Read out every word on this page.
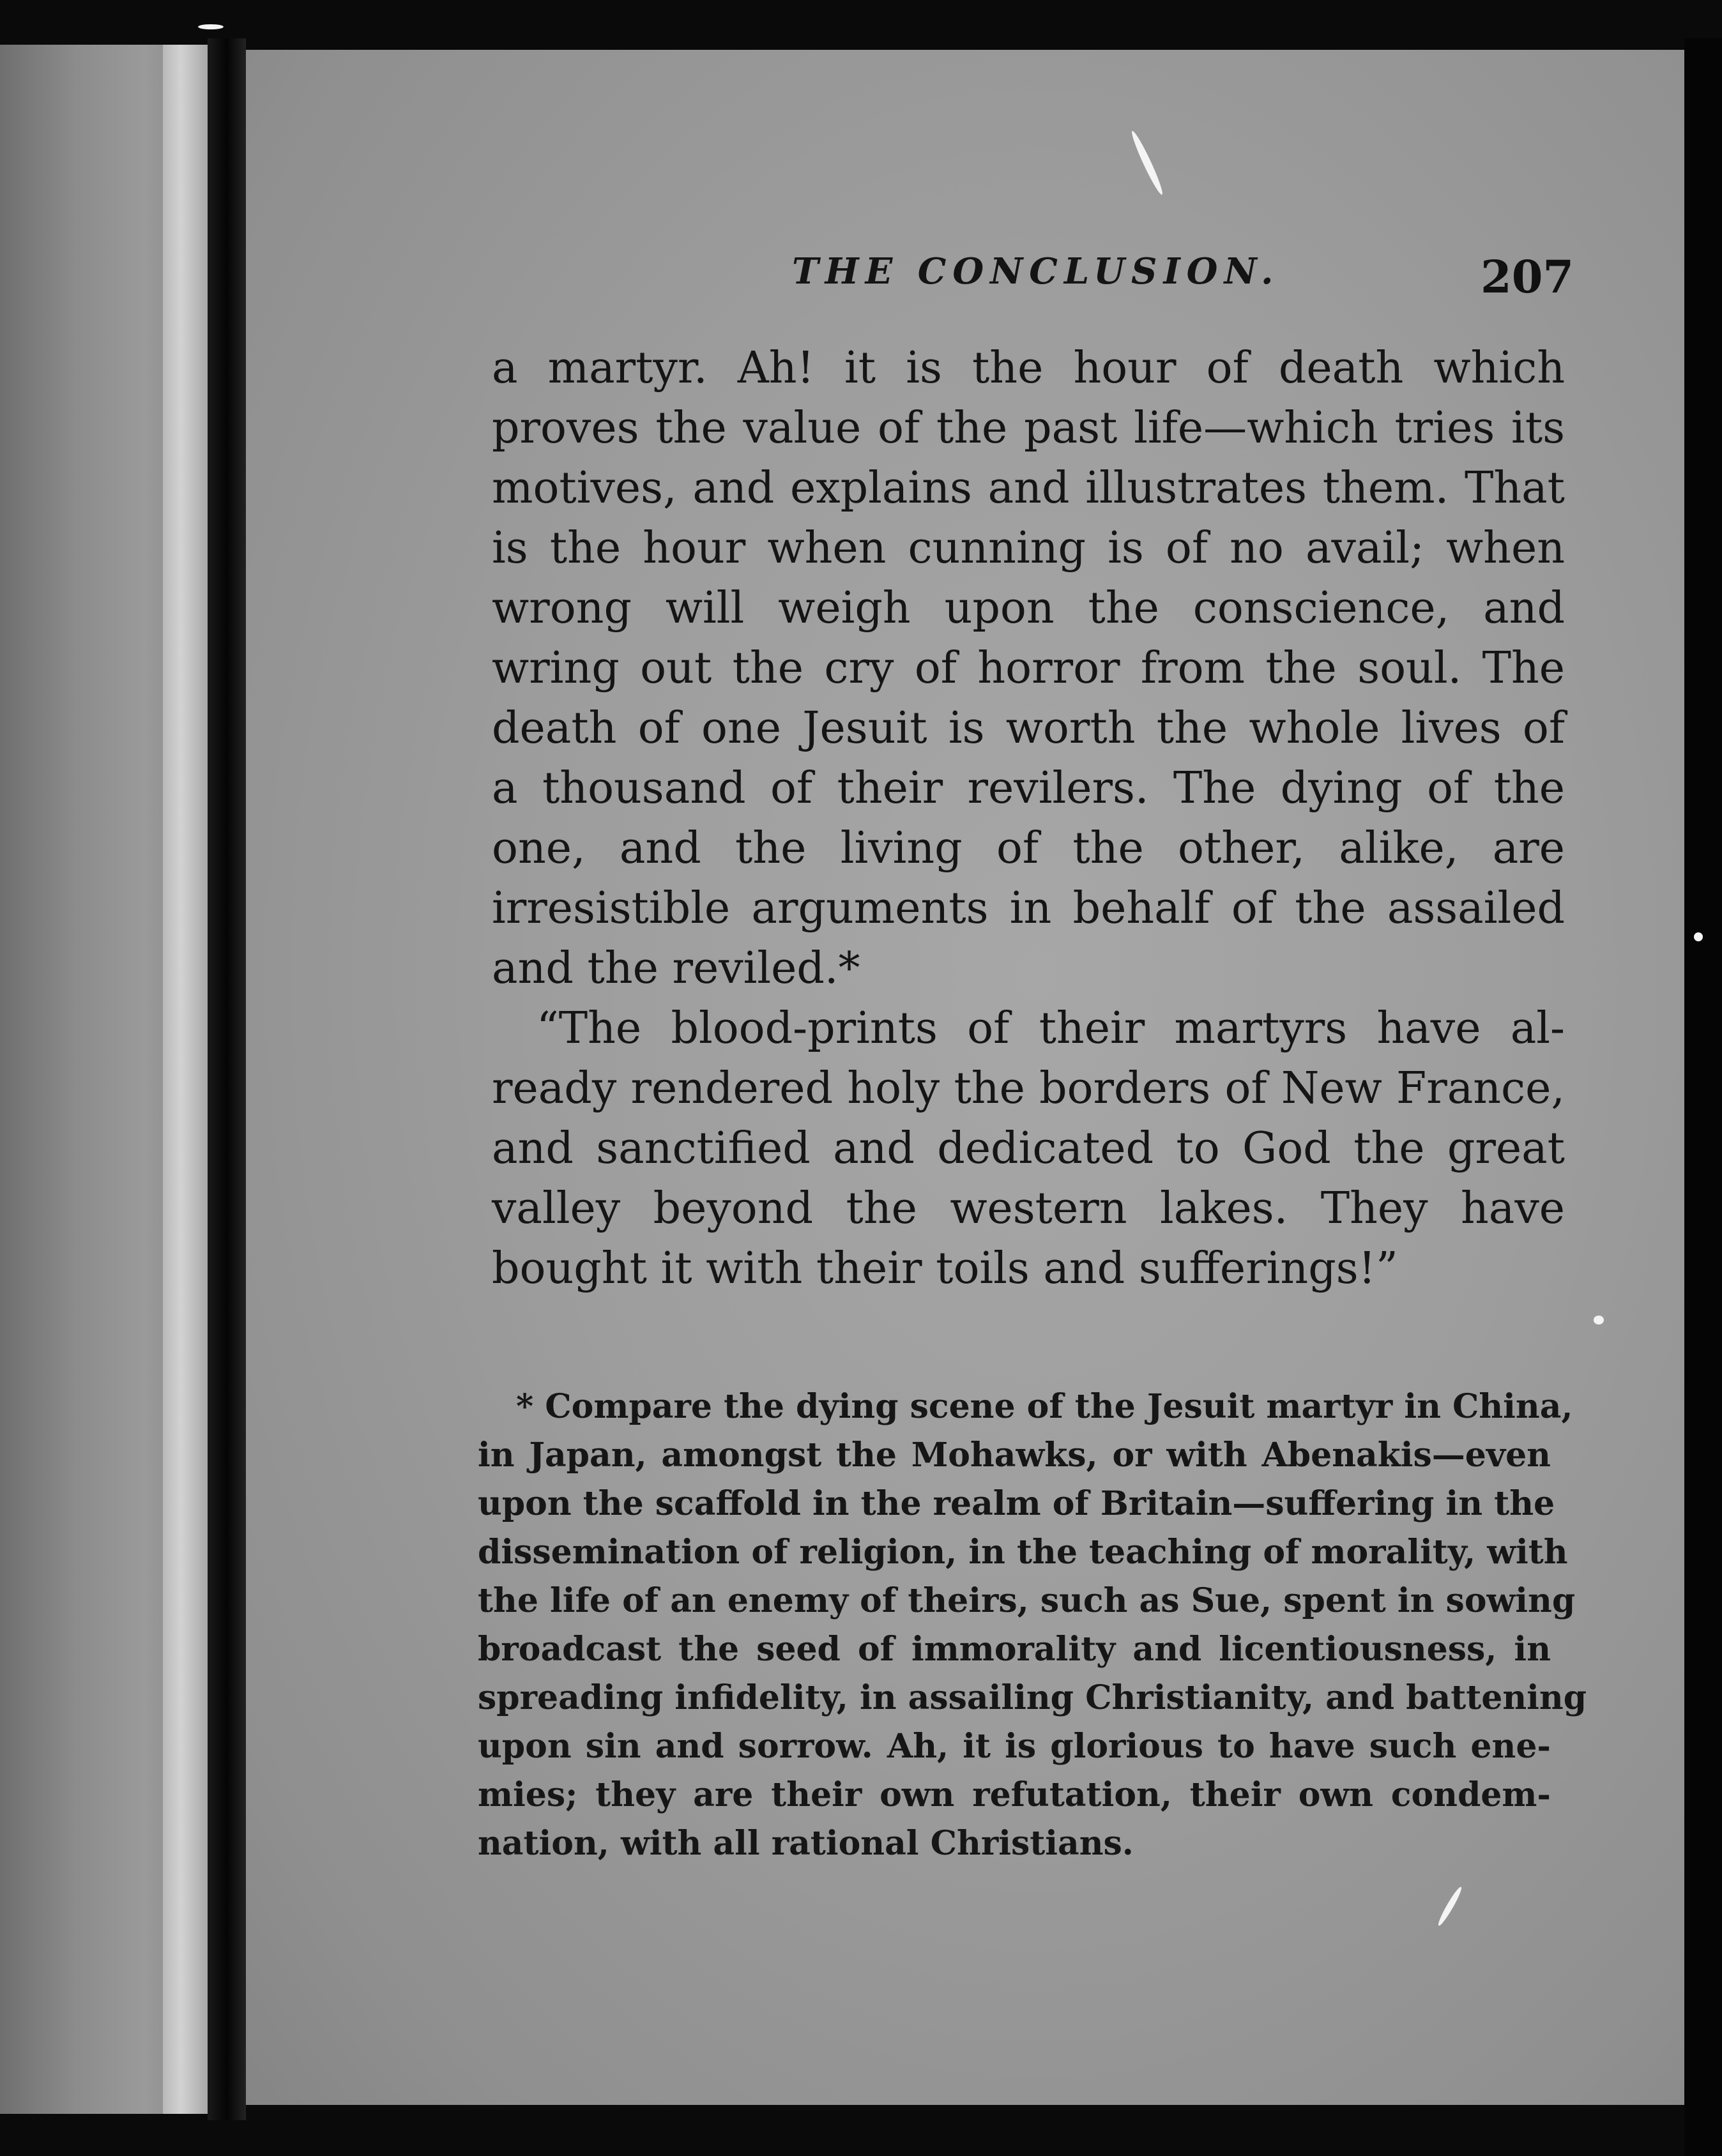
THE CONCLUSION.	207
a martyr. Ah! it is the hour of death which
proves the value of the past life—which tries its
motives, and explains and illustrates them. That
is the hour when cunning is of no avail; when
wrong will weigh upon the conscience, and
wring out the cry of horror from the soul. The
death of one Jesuit is worth the whole lives of
a thousand of their revilers. The dying of the
one, and the living of the other, alike, are
irresistible arguments in behalf of the assailed
and the reviled.*
“The blood-prints of their martyrs have al-
ready rendered holy the borders of New France,
and sanctified and dedicated to God the great
valley beyond the western lakes. They have
bought it with their toils and sufferings!”
* Compare the dying scene of the Jesuit martyr in China,
in Japan, amongst the Mohawks, or with Abenakis—even
upon the scaffold in the realm of Britain—suffering in the
dissemination of religion, in the teaching of morality, with
the life of an enemy of theirs, such as Sue, spent in sowing
broadcast the seed of immorality and licentiousness, in
spreading infidelity, in assailing Christianity, and battening
upon sin and sorrow. Ah, it is glorious to have such ene-
mies; they are their own refutation, their own condem-
nation, with all rational Christians.
